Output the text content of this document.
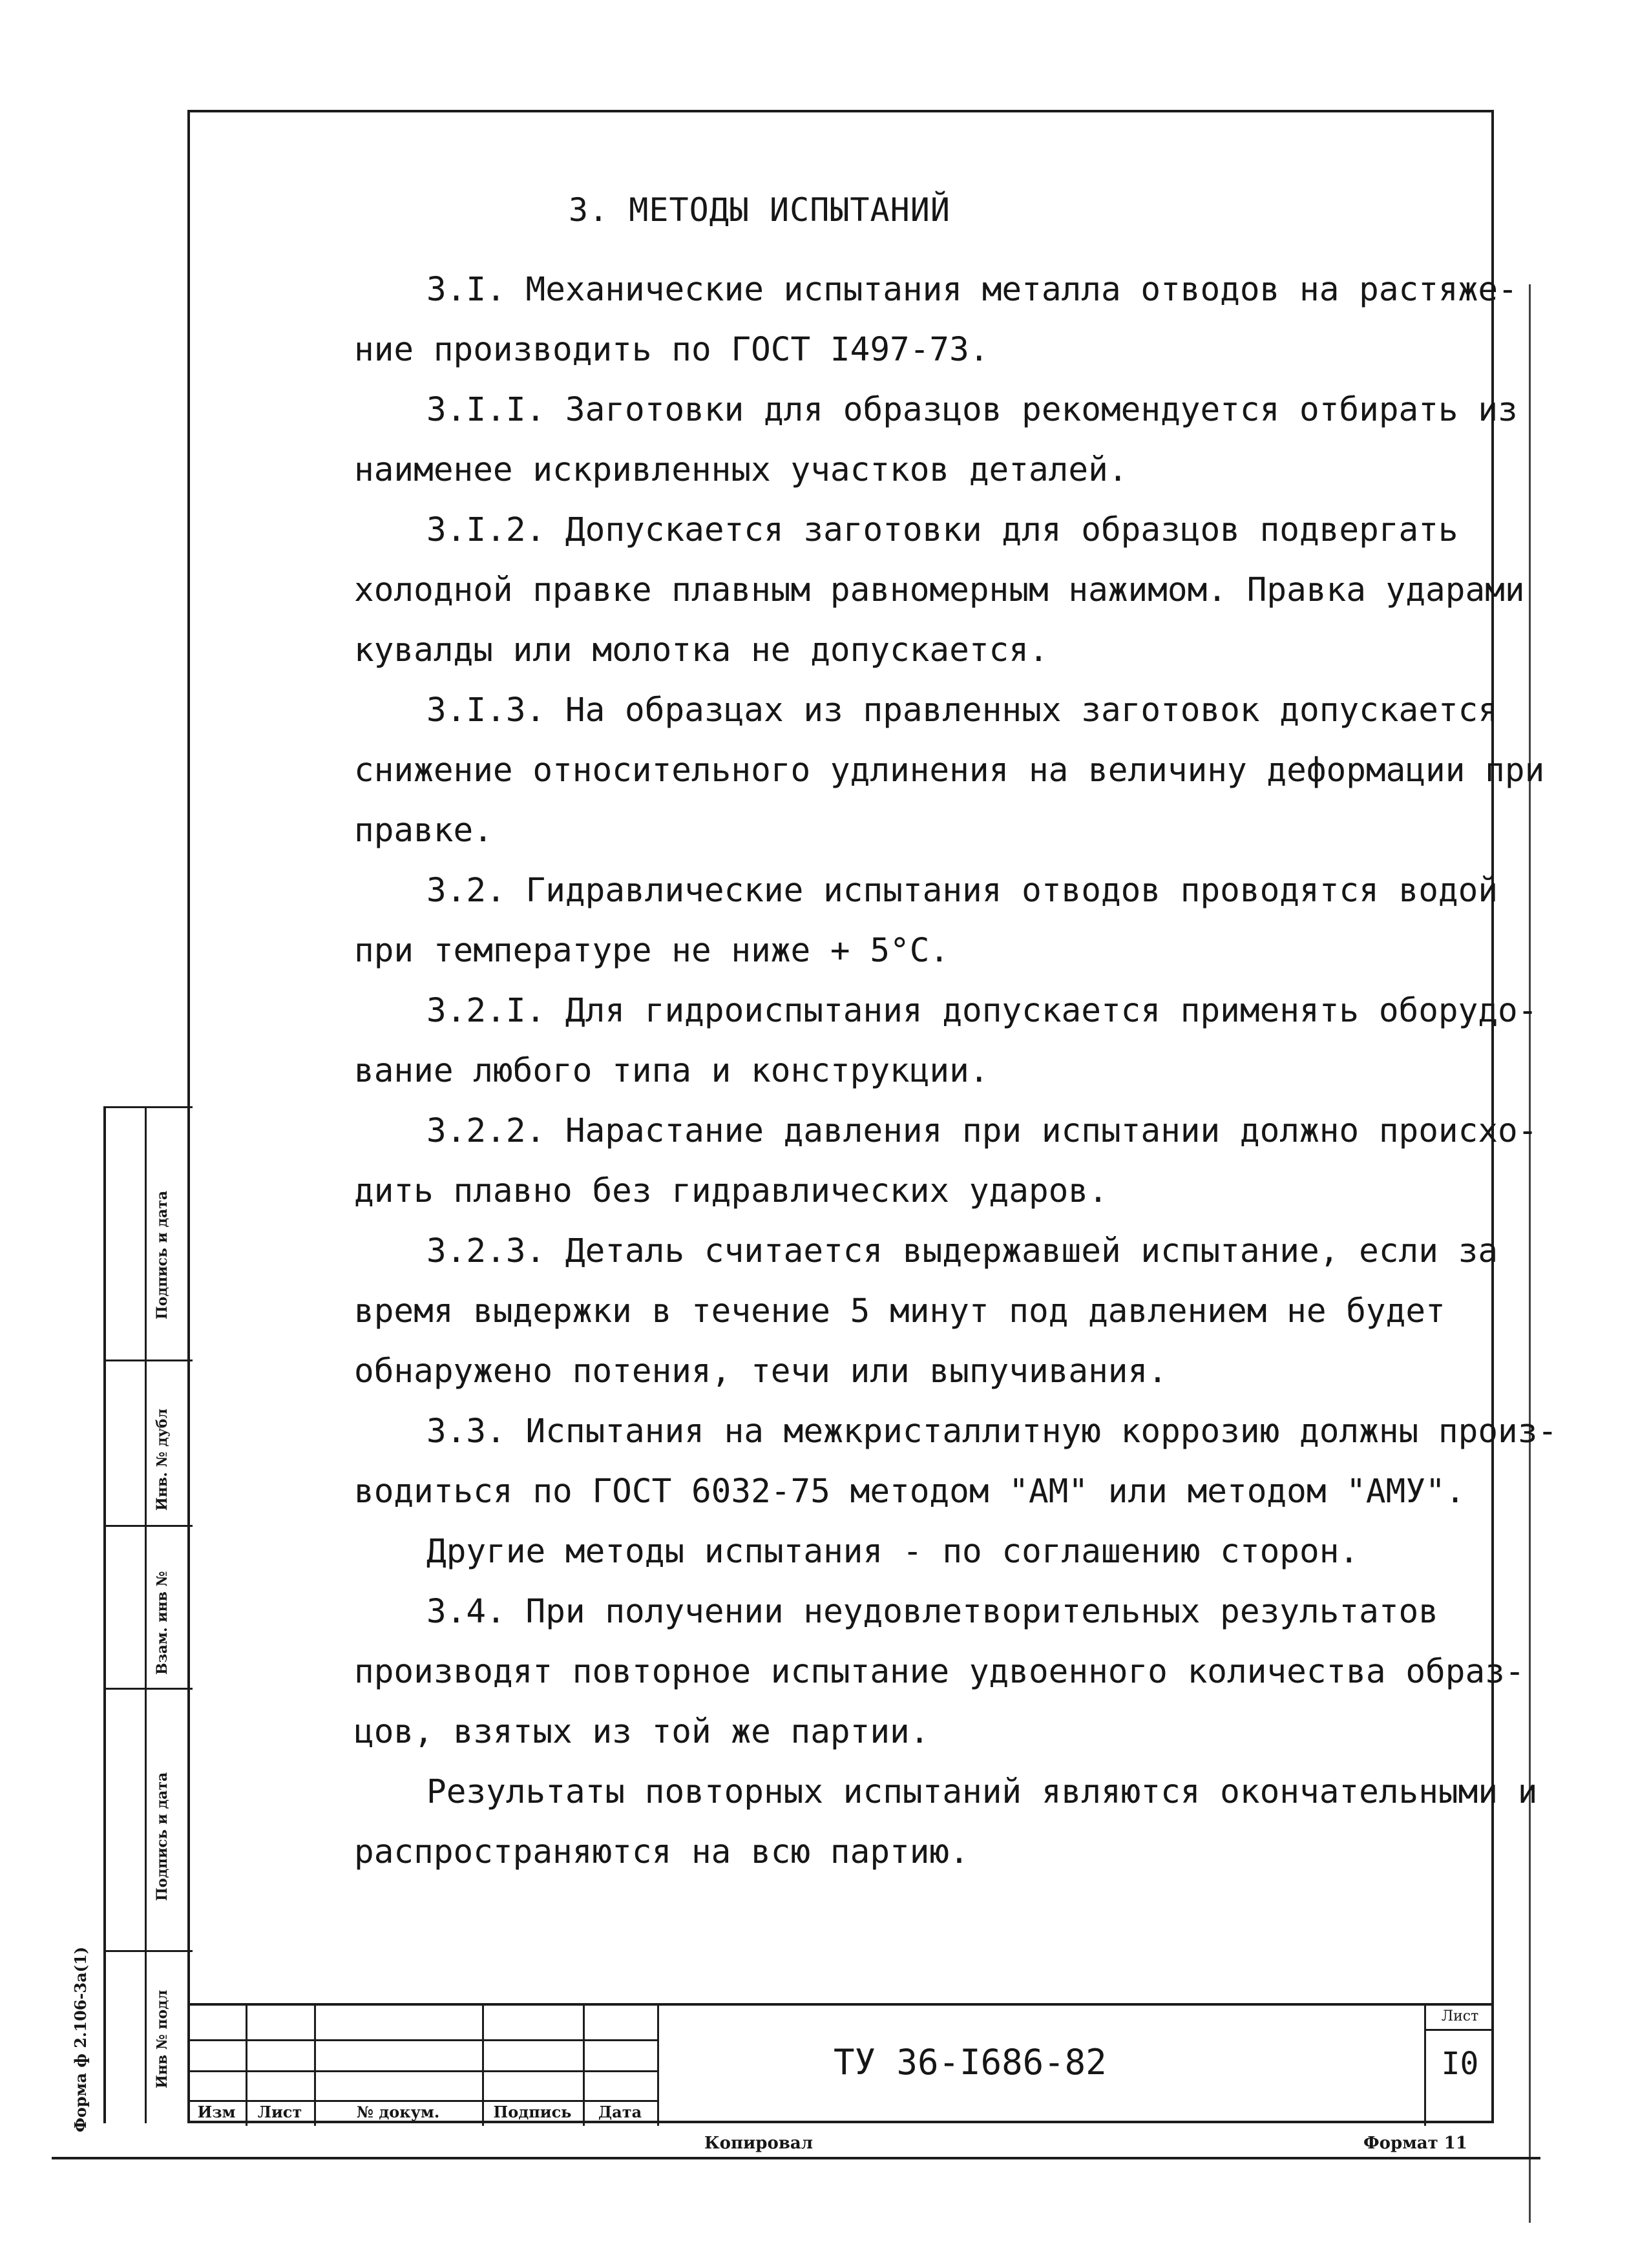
3. МЕТОДЫ ИСПЫТАНИЙ

3.I. Механические испытания металла отводов на растяже-

ние производить по ГОСТ I497-73.

3.I.I. Заготовки для образцов рекомендуется отбирать из

наименее искривленных участков деталей.

3.I.2. Допускается заготовки для образцов подвергать

холодной правке плавным равномерным нажимом. Правка ударами

кувалды или молотка не допускается.

3.I.3. На образцах из правленных заготовок допускается

снижение относительного удлинения на величину деформации при

правке.

3.2. Гидравлические испытания отводов проводятся водой

при температуре не ниже + 5°С.

3.2.I. Для гидроиспытания допускается применять оборудо-

вание любого типа и конструкции.

3.2.2. Нарастание давления при испытании должно происхо-

дить плавно без гидравлических ударов.

3.2.3. Деталь считается выдержавшей испытание, если за

время выдержки в течение 5 минут под давлением не будет

обнаружено потения, течи или выпучивания.

3.3. Испытания на межкристаллитную коррозию должны произ-

водиться по ГОСТ 6032-75 методом "АМ" или методом "АМУ".

Другие методы испытания - по соглашению сторон.

3.4. При получении неудовлетворительных результатов

производят повторное испытание удвоенного количества образ-

цов, взятых из той же партии.

Результаты повторных испытаний являются окончательными и

распространяются на всю партию.

Подпись и дата
Инв. № дубл
Взам. инв №
Подпись и дата
Инв № подл
Форма ф 2.106-3а(1)	Изм	Лист	№ докум.	Подпись	Дата
ТУ 36-I686-82
Лист
I0
Копировал	Формат 11
